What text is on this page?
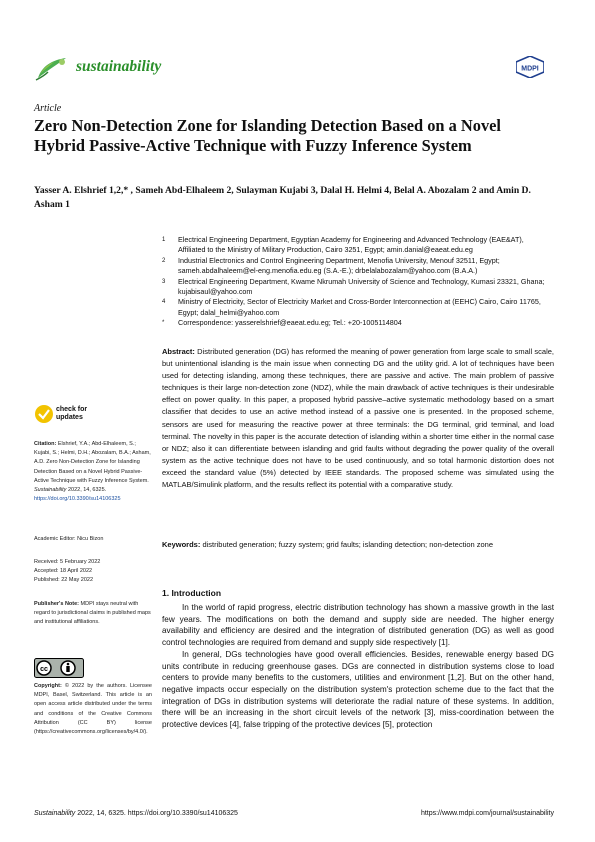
sustainability	MDPI
Article
Zero Non-Detection Zone for Islanding Detection Based on a Novel Hybrid Passive-Active Technique with Fuzzy Inference System
Yasser A. Elshrief 1,2,* , Sameh Abd-Elhaleem 2, Sulayman Kujabi 3, Dalal H. Helmi 4, Belal A. Abozalam 2 and Amin D. Asham 1
1	Electrical Engineering Department, Egyptian Academy for Engineering and Advanced Technology (EAE&AT), Affiliated to the Ministry of Military Production, Cairo 3251, Egypt; amin.danial@eaeat.edu.eg
2	Industrial Electronics and Control Engineering Department, Menofia University, Menouf 32511, Egypt; sameh.abdalhaleem@el-eng.menofia.edu.eg (S.A.-E.); drbelalabozalam@yahoo.com (B.A.A.)
3	Electrical Engineering Department, Kwame Nkrumah University of Science and Technology, Kumasi 23321, Ghana; kujabisaul@yahoo.com
4	Ministry of Electricity, Sector of Electricity Market and Cross-Border Interconnection at (EEHC) Cairo, Cairo 11765, Egypt; dalal_helmi@yahoo.com
*	Correspondence: yasserelshrief@eaeat.edu.eg; Tel.: +20-1005114804
Abstract: Distributed generation (DG) has reformed the meaning of power generation from large scale to small scale, but unintentional islanding is the main issue when connecting DG and the utility grid. A lot of techniques have been used for detecting islanding, among these techniques, there are passive and active. The main problem of passive techniques is their large non-detection zone (NDZ), while the main drawback of active techniques is their undesirable effect on power quality. In this paper, a proposed hybrid passive–active systematic methodology based on a smart classifier that decides to use an active method instead of a passive one is presented. In the proposed scheme, sensors are used for measuring the reactive power at three terminals: the DG terminal, grid terminal, and load terminal. The novelty in this paper is the accurate detection of islanding within a shorter time either in the normal case or NDZ; also it can differentiate between islanding and grid faults without degrading the power quality of the overall system as the active technique does not have to be used continuously, and so total harmonic distortion does not exceed the standard value (5%) detected by IEEE standards. The proposed scheme was simulated using the MATLAB/Simulink platform, and the results reflect its potential with a comparative study.
Keywords: distributed generation; fuzzy system; grid faults; islanding detection; non-detection zone
check for updates
Citation: Elshrief, Y.A.; Abd-Elhaleem, S.; Kujabi, S.; Helmi, D.H.; Abozalam, B.A.; Asham, A.D. Zero Non-Detection Zone for Islanding Detection Based on a Novel Hybrid Passive-Active Technique with Fuzzy Inference System. Sustainability 2022, 14, 6325. https://doi.org/10.3390/su14106325
Academic Editor: Nicu Bizon
Received: 5 February 2022
Accepted: 18 April 2022
Published: 22 May 2022
Publisher's Note: MDPI stays neutral with regard to jurisdictional claims in published maps and institutional affiliations.
cc
Copyright: © 2022 by the authors. Licensee MDPI, Basel, Switzerland. This article is an open access article distributed under the terms and conditions of the Creative Commons Attribution (CC BY) license (https://creativecommons.org/licenses/by/4.0/).
1. Introduction

In the world of rapid progress, electric distribution technology has shown a massive growth in the last few years. The modifications on both the demand and supply side are needed. The higher energy availability and efficiency are desired and the integration of distributed generation (DG) as well as good control technologies are required from demand and supply side respectively [1].

In general, DGs technologies have good overall efficiencies. Besides, renewable energy based DG units contribute in reducing greenhouse gases. DGs are connected in distribution systems close to load centers to provide many benefits to the customers, utilities and environment [1,2]. But on the other hand, negative impacts occur especially on the distribution system's protection scheme due to the fact that the integration of DGs in distribution systems will deteriorate the radial nature of these systems. In addition, there will be an increasing in the short circuit levels of the network [3], miss-coordination between the protective devices [4], false tripping of the protective devices [5], protection

Sustainability 2022, 14, 6325. https://doi.org/10.3390/su14106325	https://www.mdpi.com/journal/sustainability
